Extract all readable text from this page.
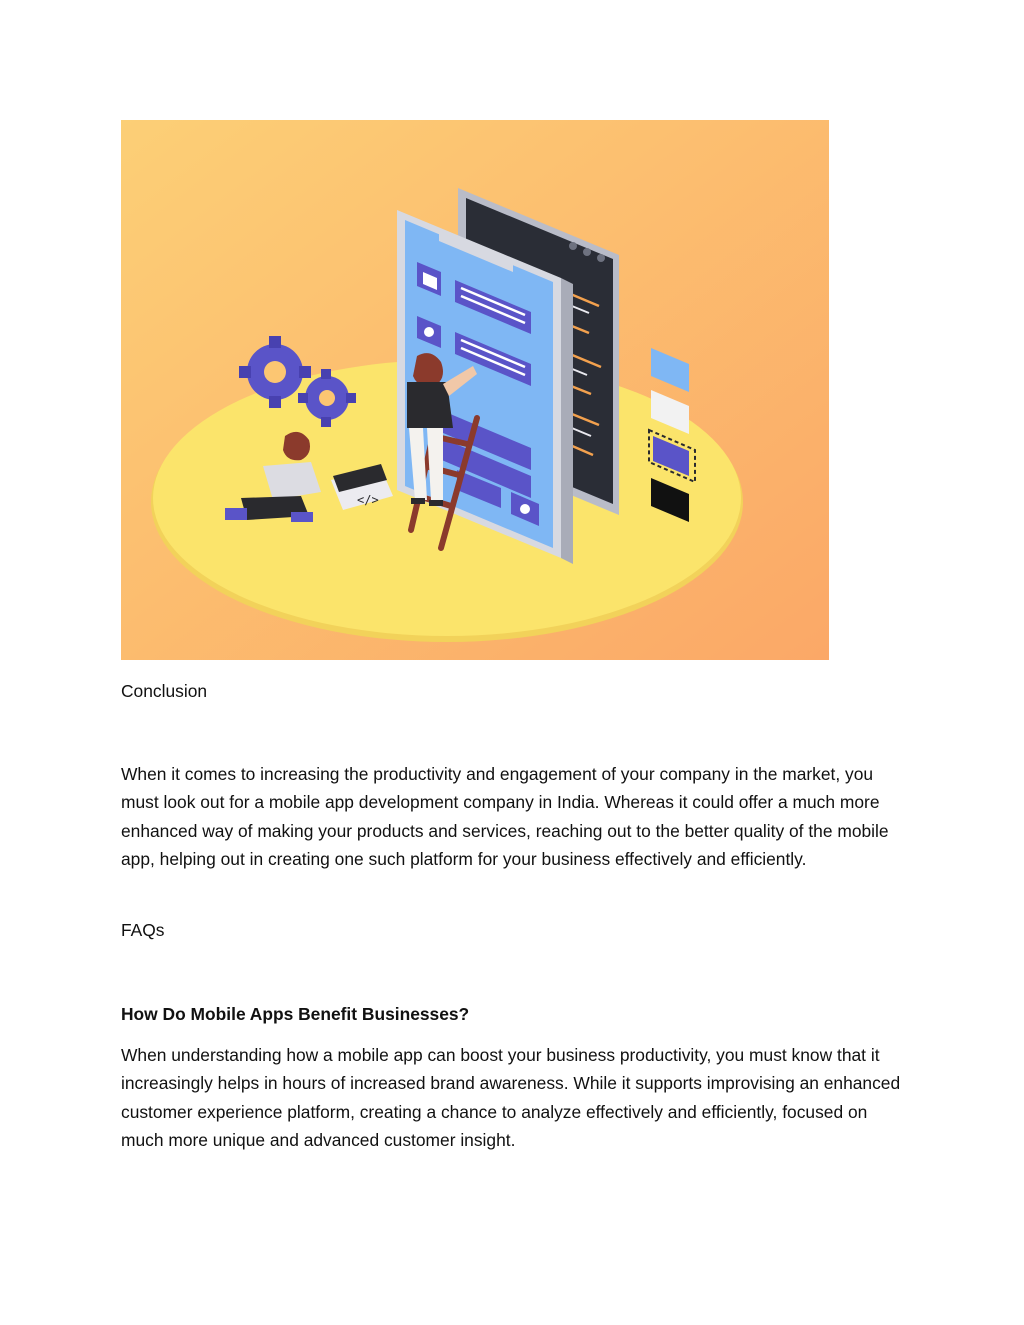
</>

Conclusion

When it comes to increasing the productivity and engagement of your company in the market, you must look out for a mobile app development company in India. Whereas it could offer a much more enhanced way of making your products and services, reaching out to the better quality of the mobile app, helping out in creating one such platform for your business effectively and efficiently.

FAQs

How Do Mobile Apps Benefit Businesses?

When understanding how a mobile app can boost your business productivity, you must know that it increasingly helps in hours of increased brand awareness. While it supports improvising an enhanced customer experience platform, creating a chance to analyze effectively and efficiently, focused on much more unique and advanced customer insight.
